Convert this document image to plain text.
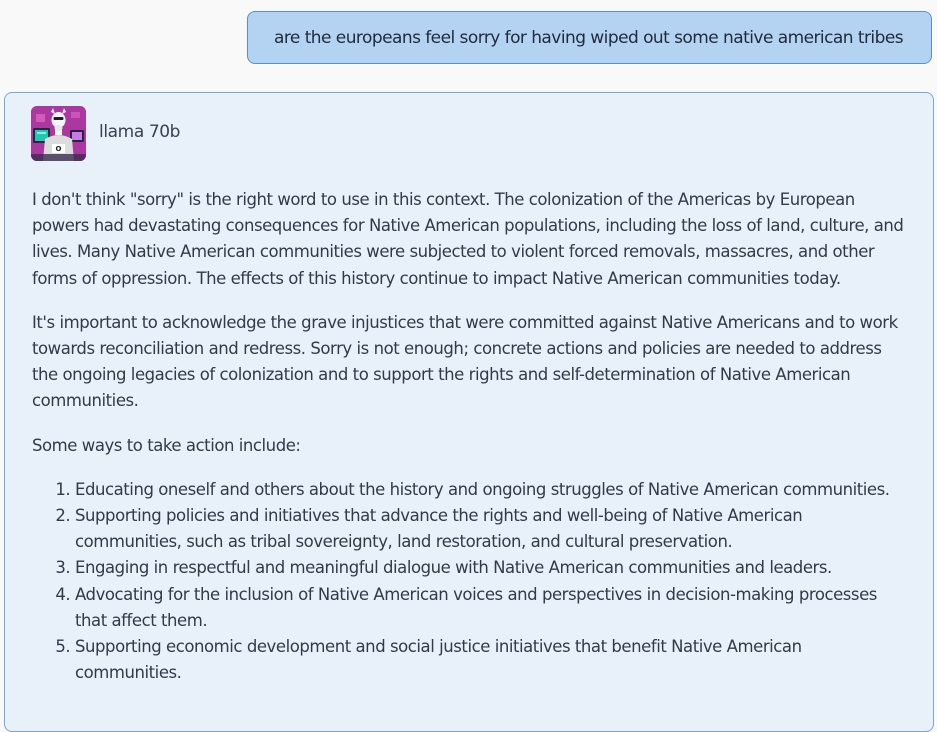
are the europeans feel sorry for having wiped out some native american tribes
O
llama 70b

I don't think "sorry" is the right word to use in this context. The colonization of the Americas by European powers had devastating consequences for Native American populations, including the loss of land, culture, and lives. Many Native American communities were subjected to violent forced removals, massacres, and other forms of oppression. The effects of this history continue to impact Native American communities today.

It's important to acknowledge the grave injustices that were committed against Native Americans and to work towards reconciliation and redress. Sorry is not enough; concrete actions and policies are needed to address the ongoing legacies of colonization and to support the rights and self-determination of Native American communities.

Some ways to take action include:

1. Educating oneself and others about the history and ongoing struggles of Native American communities.
2. Supporting policies and initiatives that advance the rights and well-being of Native American communities, such as tribal sovereignty, land restoration, and cultural preservation.
3. Engaging in respectful and meaningful dialogue with Native American communities and leaders.
4. Advocating for the inclusion of Native American voices and perspectives in decision-making processes that affect them.
5. Supporting economic development and social justice initiatives that benefit Native American communities.
